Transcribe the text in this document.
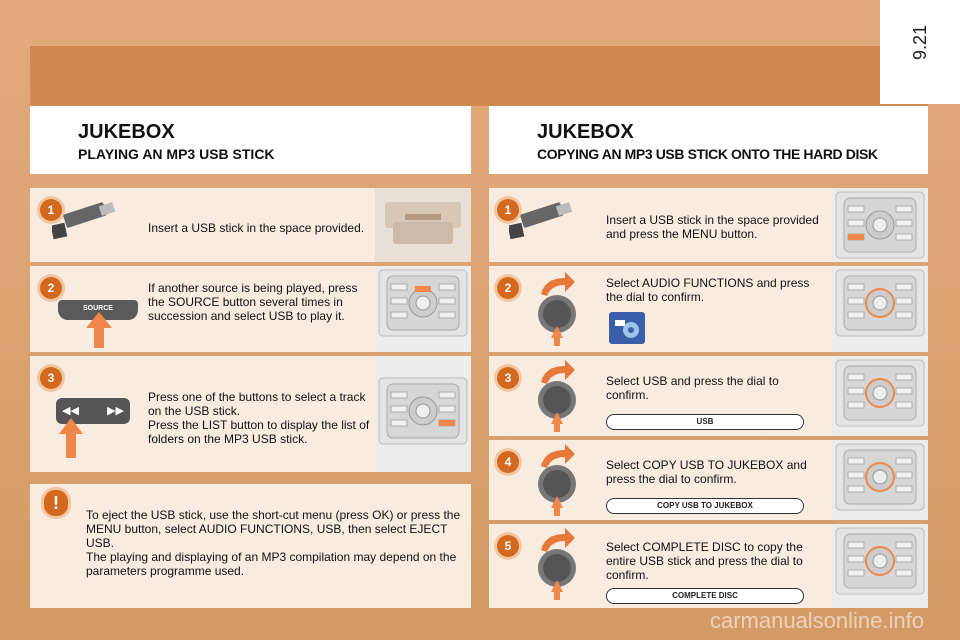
9.21
JUKEBOX
PLAYING AN MP3 USB STICK
1
Insert a USB stick in the space provided.
2
SOURCE
If another source is being played, press the SOURCE button several times in succession and select USB to play it.
3
◀◀	▶▶
Press one of the buttons to select a track on the USB stick.
Press the LIST button to display the list of folders on the MP3 USB stick.
!
To eject the USB stick, use the short-cut menu (press OK) or press the MENU button, select AUDIO FUNCTIONS, USB, then select EJECT USB.
The playing and displaying of an MP3 compilation may depend on the parameters programme used.
JUKEBOX
COPYING AN MP3 USB STICK ONTO THE HARD DISK
1
Insert a USB stick in the space provided and press the MENU button.
2	Select AUDIO FUNCTIONS and press the dial to confirm.
3	Select USB and press the dial to confirm.
USB
4	Select COPY USB TO JUKEBOX and press the dial to confirm.
COPY USB TO JUKEBOX
5	Select COMPLETE DISC to copy the entire USB stick and press the dial to confirm.
COMPLETE DISC
carmanualsonline.info
